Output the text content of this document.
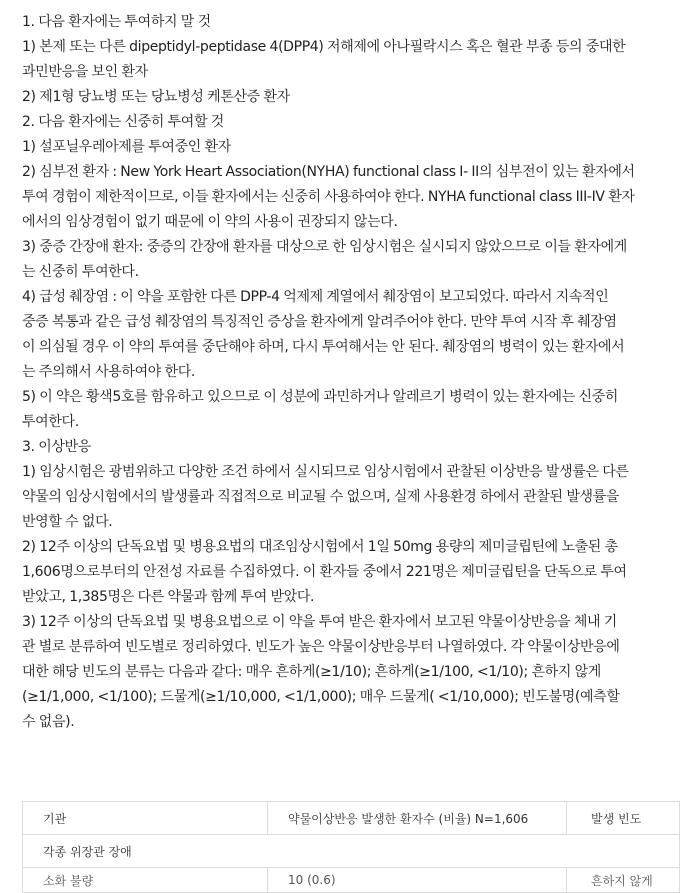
1. 다음 환자에는 투여하지 말 것
1) 본제 또는 다른 dipeptidyl-peptidase 4(DPP4) 저해제에 아나필락시스 혹은 혈관 부종 등의 중대한
과민반응을 보인 환자
2) 제1형 당뇨병 또는 당뇨병성 케톤산증 환자
2. 다음 환자에는 신중히 투여할 것
1) 설포닐우레아제를 투여중인 환자
2) 심부전 환자 : New York Heart Association(NYHA) functional class I- II의 심부전이 있는 환자에서
투여 경험이 제한적이므로, 이들 환자에서는 신중히 사용하여야 한다. NYHA functional class III-IV 환자
에서의 임상경험이 없기 때문에 이 약의 사용이 권장되지 않는다.
3) 중증 간장애 환자: 중증의 간장애 환자를 대상으로 한 임상시험은 실시되지 않았으므로 이들 환자에게
는 신중히 투여한다.
4) 급성 췌장염 : 이 약을 포함한 다른 DPP-4 억제제 계열에서 췌장염이 보고되었다. 따라서 지속적인
중증 복통과 같은 급성 췌장염의 특징적인 증상을 환자에게 알려주어야 한다. 만약 투여 시작 후 췌장염
이 의심될 경우 이 약의 투여를 중단해야 하며, 다시 투여해서는 안 된다. 췌장염의 병력이 있는 환자에서
는 주의해서 사용하여야 한다.
5) 이 약은 황색5호를 함유하고 있으므로 이 성분에 과민하거나 알레르기 병력이 있는 환자에는 신중히
투여한다.
3. 이상반응
1) 임상시험은 광범위하고 다양한 조건 하에서 실시되므로 임상시험에서 관찰된 이상반응 발생률은 다른
약물의 임상시험에서의 발생률과 직접적으로 비교될 수 없으며, 실제 사용환경 하에서 관찰된 발생률을
반영할 수 없다.
2) 12주 이상의 단독요법 및 병용요법의 대조임상시험에서 1일 50mg 용량의 제미글립틴에 노출된 총
1,606명으로부터의 안전성 자료를 수집하였다. 이 환자들 중에서 221명은 제미글립틴을 단독으로 투여
받았고, 1,385명은 다른 약물과 함께 투여 받았다.
3) 12주 이상의 단독요법 및 병용요법으로 이 약을 투여 받은 환자에서 보고된 약물이상반응을 체내 기
관 별로 분류하여 빈도별로 정리하였다. 빈도가 높은 약물이상반응부터 나열하였다. 각 약물이상반응에
대한 해당 빈도의 분류는 다음과 같다: 매우 흔하게(≥1/10); 흔하게(≥1/100, <1/10); 흔하지 않게
(≥1/1,000, <1/100); 드물게(≥1/10,000, <1/1,000); 매우 드물게( <1/10,000); 빈도불명(예측할
수 없음).
기관	약물이상반응 발생한 환자수 (비율) N=1,606	발생 빈도
각종 위장관 장애		
소화 불량	10 (0.6)	흔하지 않게
